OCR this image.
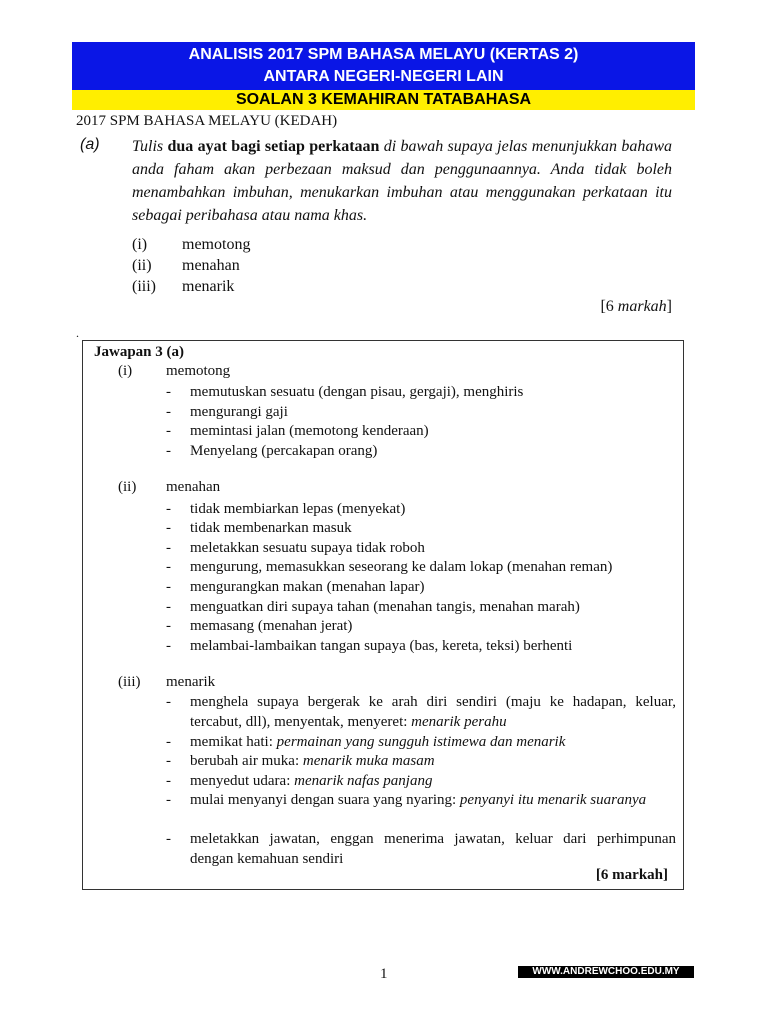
ANALISIS 2017 SPM BAHASA MELAYU (KERTAS 2)
ANTARA NEGERI-NEGERI LAIN
SOALAN 3 KEMAHIRAN TATABAHASA
2017 SPM BAHASA MELAYU (KEDAH)
(a) Tulis dua ayat bagi setiap perkataan di bawah supaya jelas menunjukkan bahawa anda faham akan perbezaan maksud dan penggunaannya. Anda tidak boleh menambahkan imbuhan, menukarkan imbuhan atau menggunakan perkataan itu sebagai peribahasa atau nama khas.
(i) memotong
(ii) menahan
(iii) menarik
[6 markah]
.
Jawapan 3 (a)
(i) memotong
- memutuskan sesuatu (dengan pisau, gergaji), menghiris
- mengurangi gaji
- memintasi jalan (memotong kenderaan)
- Menyelang (percakapan orang)
(ii) menahan
- tidak membiarkan lepas (menyekat)
- tidak membenarkan masuk
- meletakkan sesuatu supaya tidak roboh
- mengurung, memasukkan seseorang ke dalam lokap (menahan reman)
- mengurangkan makan (menahan lapar)
- menguatkan diri supaya tahan (menahan tangis, menahan marah)
- memasang (menahan jerat)
- melambai-lambaikan tangan supaya (bas, kereta, teksi) berhenti
(iii) menarik
- menghela supaya bergerak ke arah diri sendiri (maju ke hadapan, keluar, tercabut, dll), menyentak, menyeret: menarik perahu
- memikat hati: permainan yang sungguh istimewa dan menarik
- berubah air muka: menarik muka masam
- menyedut udara: menarik nafas panjang
- mulai menyanyi dengan suara yang nyaring: penyanyi itu menarik suaranya
- meletakkan jawatan, enggan menerima jawatan, keluar dari perhimpunan dengan kemahuan sendiri
[6 markah]
1	WWW.ANDREWCHOO.EDU.MY
